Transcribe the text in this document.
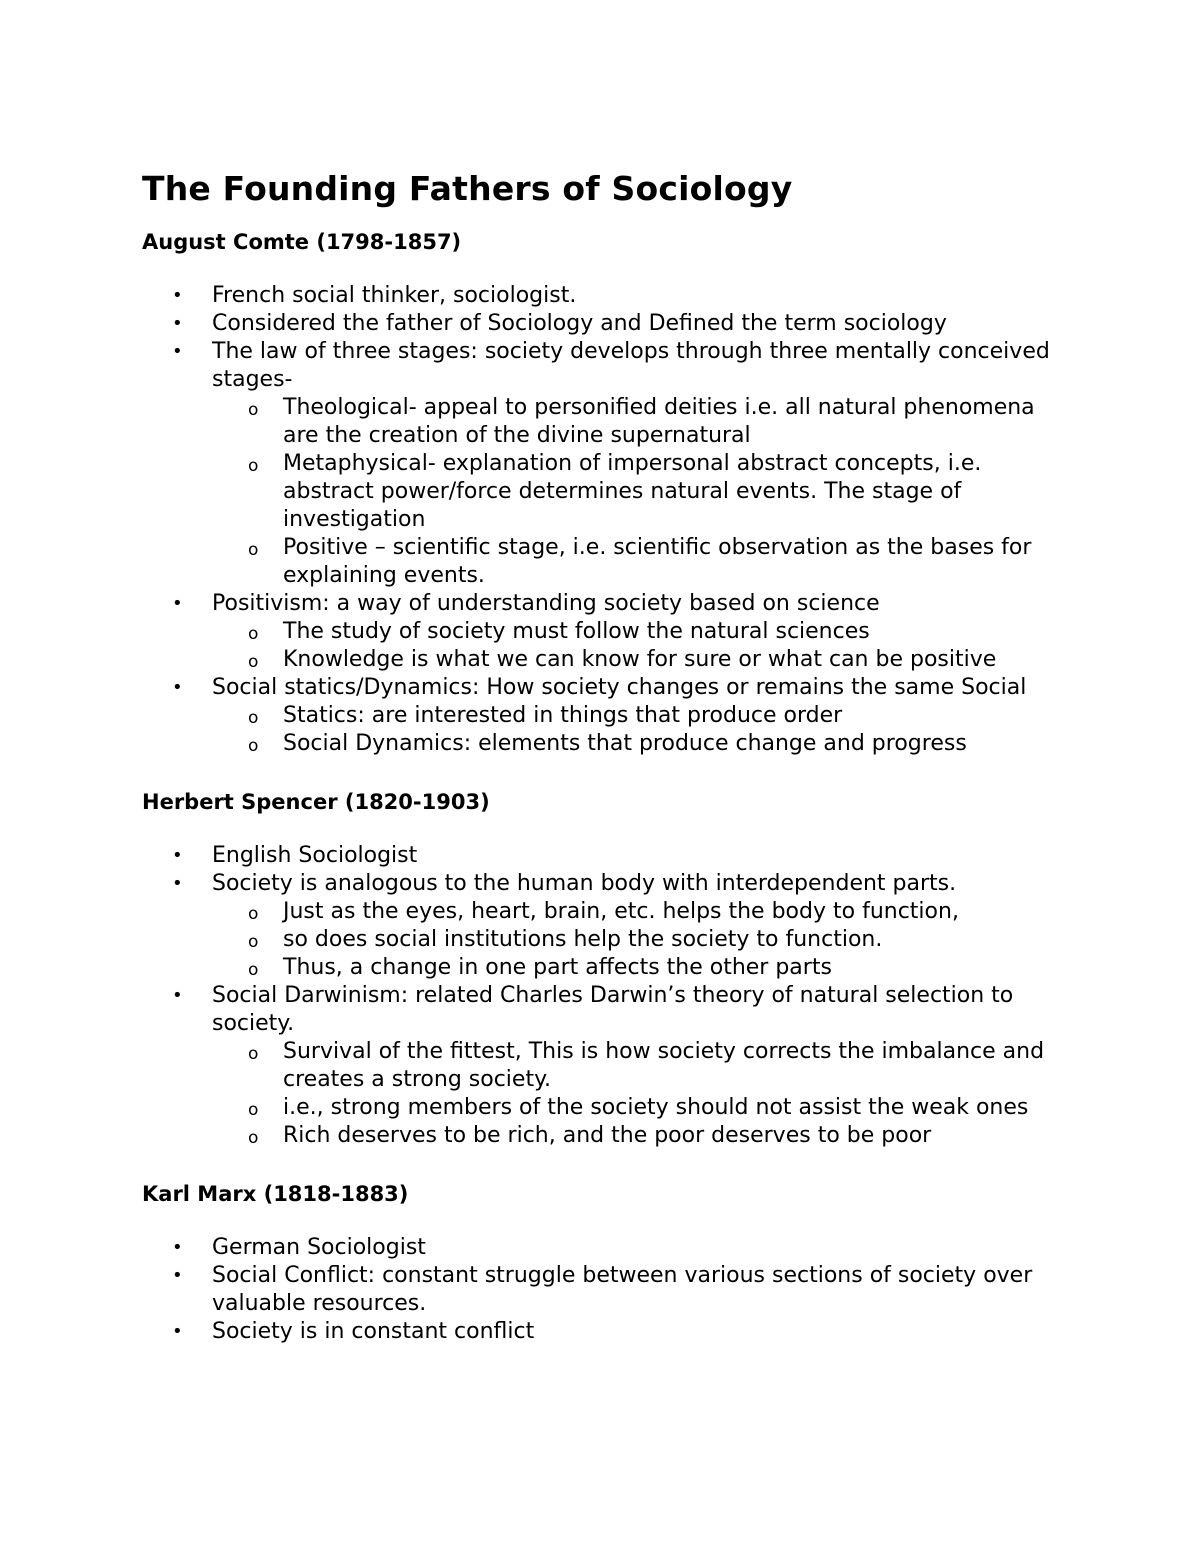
The Founding Fathers of Sociology
August Comte (1798-1857)
• French social thinker, sociologist.
• Considered the father of Sociology and Defined the term sociology
• The law of three stages: society develops through three mentally conceived stages-
o Theological- appeal to personified deities i.e. all natural phenomena are the creation of the divine supernatural
o Metaphysical- explanation of impersonal abstract concepts, i.e. abstract power/force determines natural events. The stage of investigation
o Positive – scientific stage, i.e. scientific observation as the bases for explaining events.
• Positivism: a way of understanding society based on science
o The study of society must follow the natural sciences
o Knowledge is what we can know for sure or what can be positive
• Social statics/Dynamics: How society changes or remains the same Social
o Statics: are interested in things that produce order
o Social Dynamics: elements that produce change and progress
Herbert Spencer (1820-1903)
• English Sociologist
• Society is analogous to the human body with interdependent parts.
o Just as the eyes, heart, brain, etc. helps the body to function,
o so does social institutions help the society to function.
o Thus, a change in one part affects the other parts
• Social Darwinism: related Charles Darwin’s theory of natural selection to society.
o Survival of the fittest, This is how society corrects the imbalance and creates a strong society.
o i.e., strong members of the society should not assist the weak ones
o Rich deserves to be rich, and the poor deserves to be poor
Karl Marx (1818-1883)
• German Sociologist
• Social Conflict: constant struggle between various sections of society over valuable resources.
• Society is in constant conflict
